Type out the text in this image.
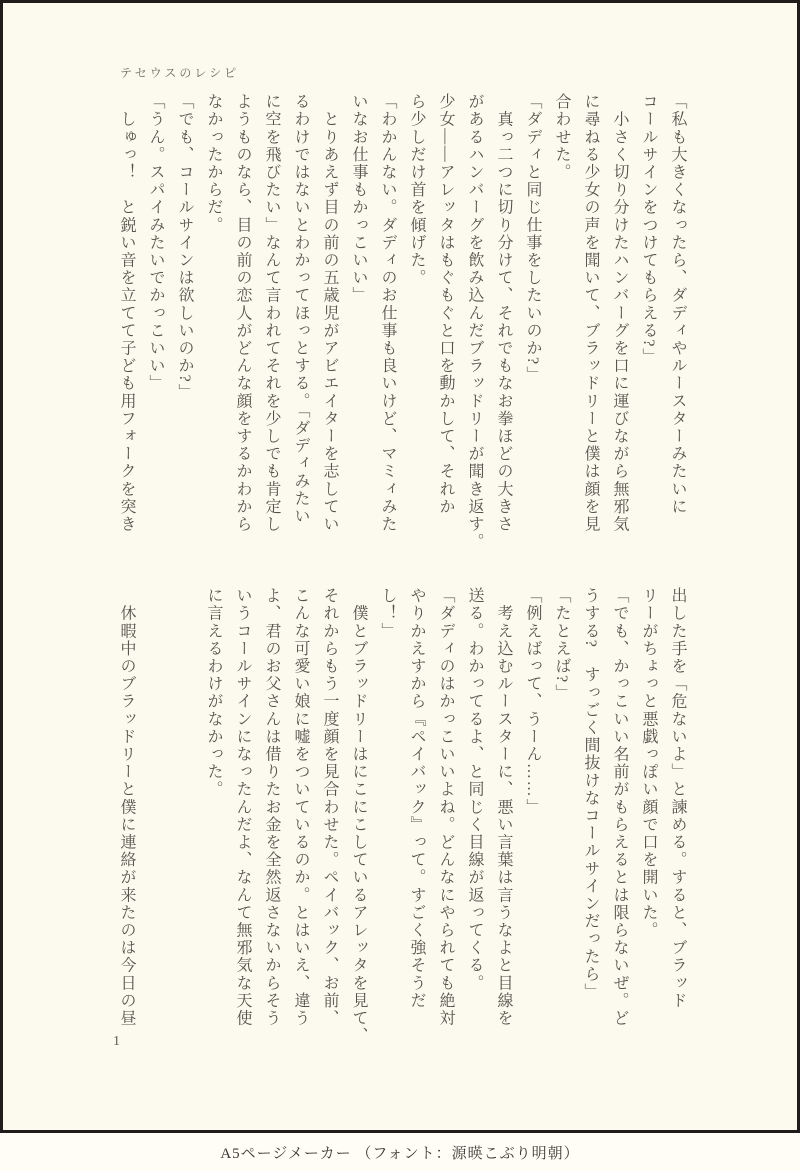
テセウスのレシピ

「私も大きくなったら、ダディやルースターみたいに

コールサインをつけてもらえる?」

　小さく切り分けたハンバーグを口に運びながら無邪気

に尋ねる少女の声を聞いて、ブラッドリーと僕は顔を見

合わせた。

「ダディと同じ仕事をしたいのか?」

　真っ二つに切り分けて、それでもなお拳ほどの大きさ

があるハンバーグを飲み込んだブラッドリーが聞き返す。

少女――アレッタはもぐもぐと口を動かして、それか

ら少しだけ首を傾げた。

「わかんない。ダディのお仕事も良いけど、マミィみた

いなお仕事もかっこいい」

　とりあえず目の前の五歳児がアビエイターを志してい

るわけではないとわかってほっとする。「ダディみたい

に空を飛びたい」なんて言われてそれを少しでも肯定し

ようものなら、目の前の恋人がどんな顔をするかわから

なかったからだ。

「でも、コールサインは欲しいのか?」

「うん。スパイみたいでかっこいい」

　しゅっ！　と鋭い音を立てて子ども用フォークを突き

出した手を「危ないよ」と諫める。すると、ブラッド

リーがちょっと悪戯っぽい顔で口を開いた。

「でも、かっこいい名前がもらえるとは限らないぜ。ど

うする?　すっごく間抜けなコールサインだったら」

「たとえば?」

「例えばって、うーん……」

　考え込むルースターに、悪い言葉は言うなよと目線を

送る。わかってるよ、と同じく目線が返ってくる。

「ダディのはかっこいいよね。どんなにやられても絶対

やりかえすから『ペイバック』って。すごく強そうだ

し！」

　僕とブラッドリーはにこにこしているアレッタを見て、

それからもう一度顔を見合わせた。ペイバック、お前、

こんな可愛い娘に嘘をついているのか。とはいえ、違う

よ、君のお父さんは借りたお金を全然返さないからそう

いうコールサインになったんだよ、なんて無邪気な天使

に言えるわけがなかった。

　休暇中のブラッドリーと僕に連絡が来たのは今日の昼

1
A5ページメーカー （フォント：源暎こぶり明朝）
